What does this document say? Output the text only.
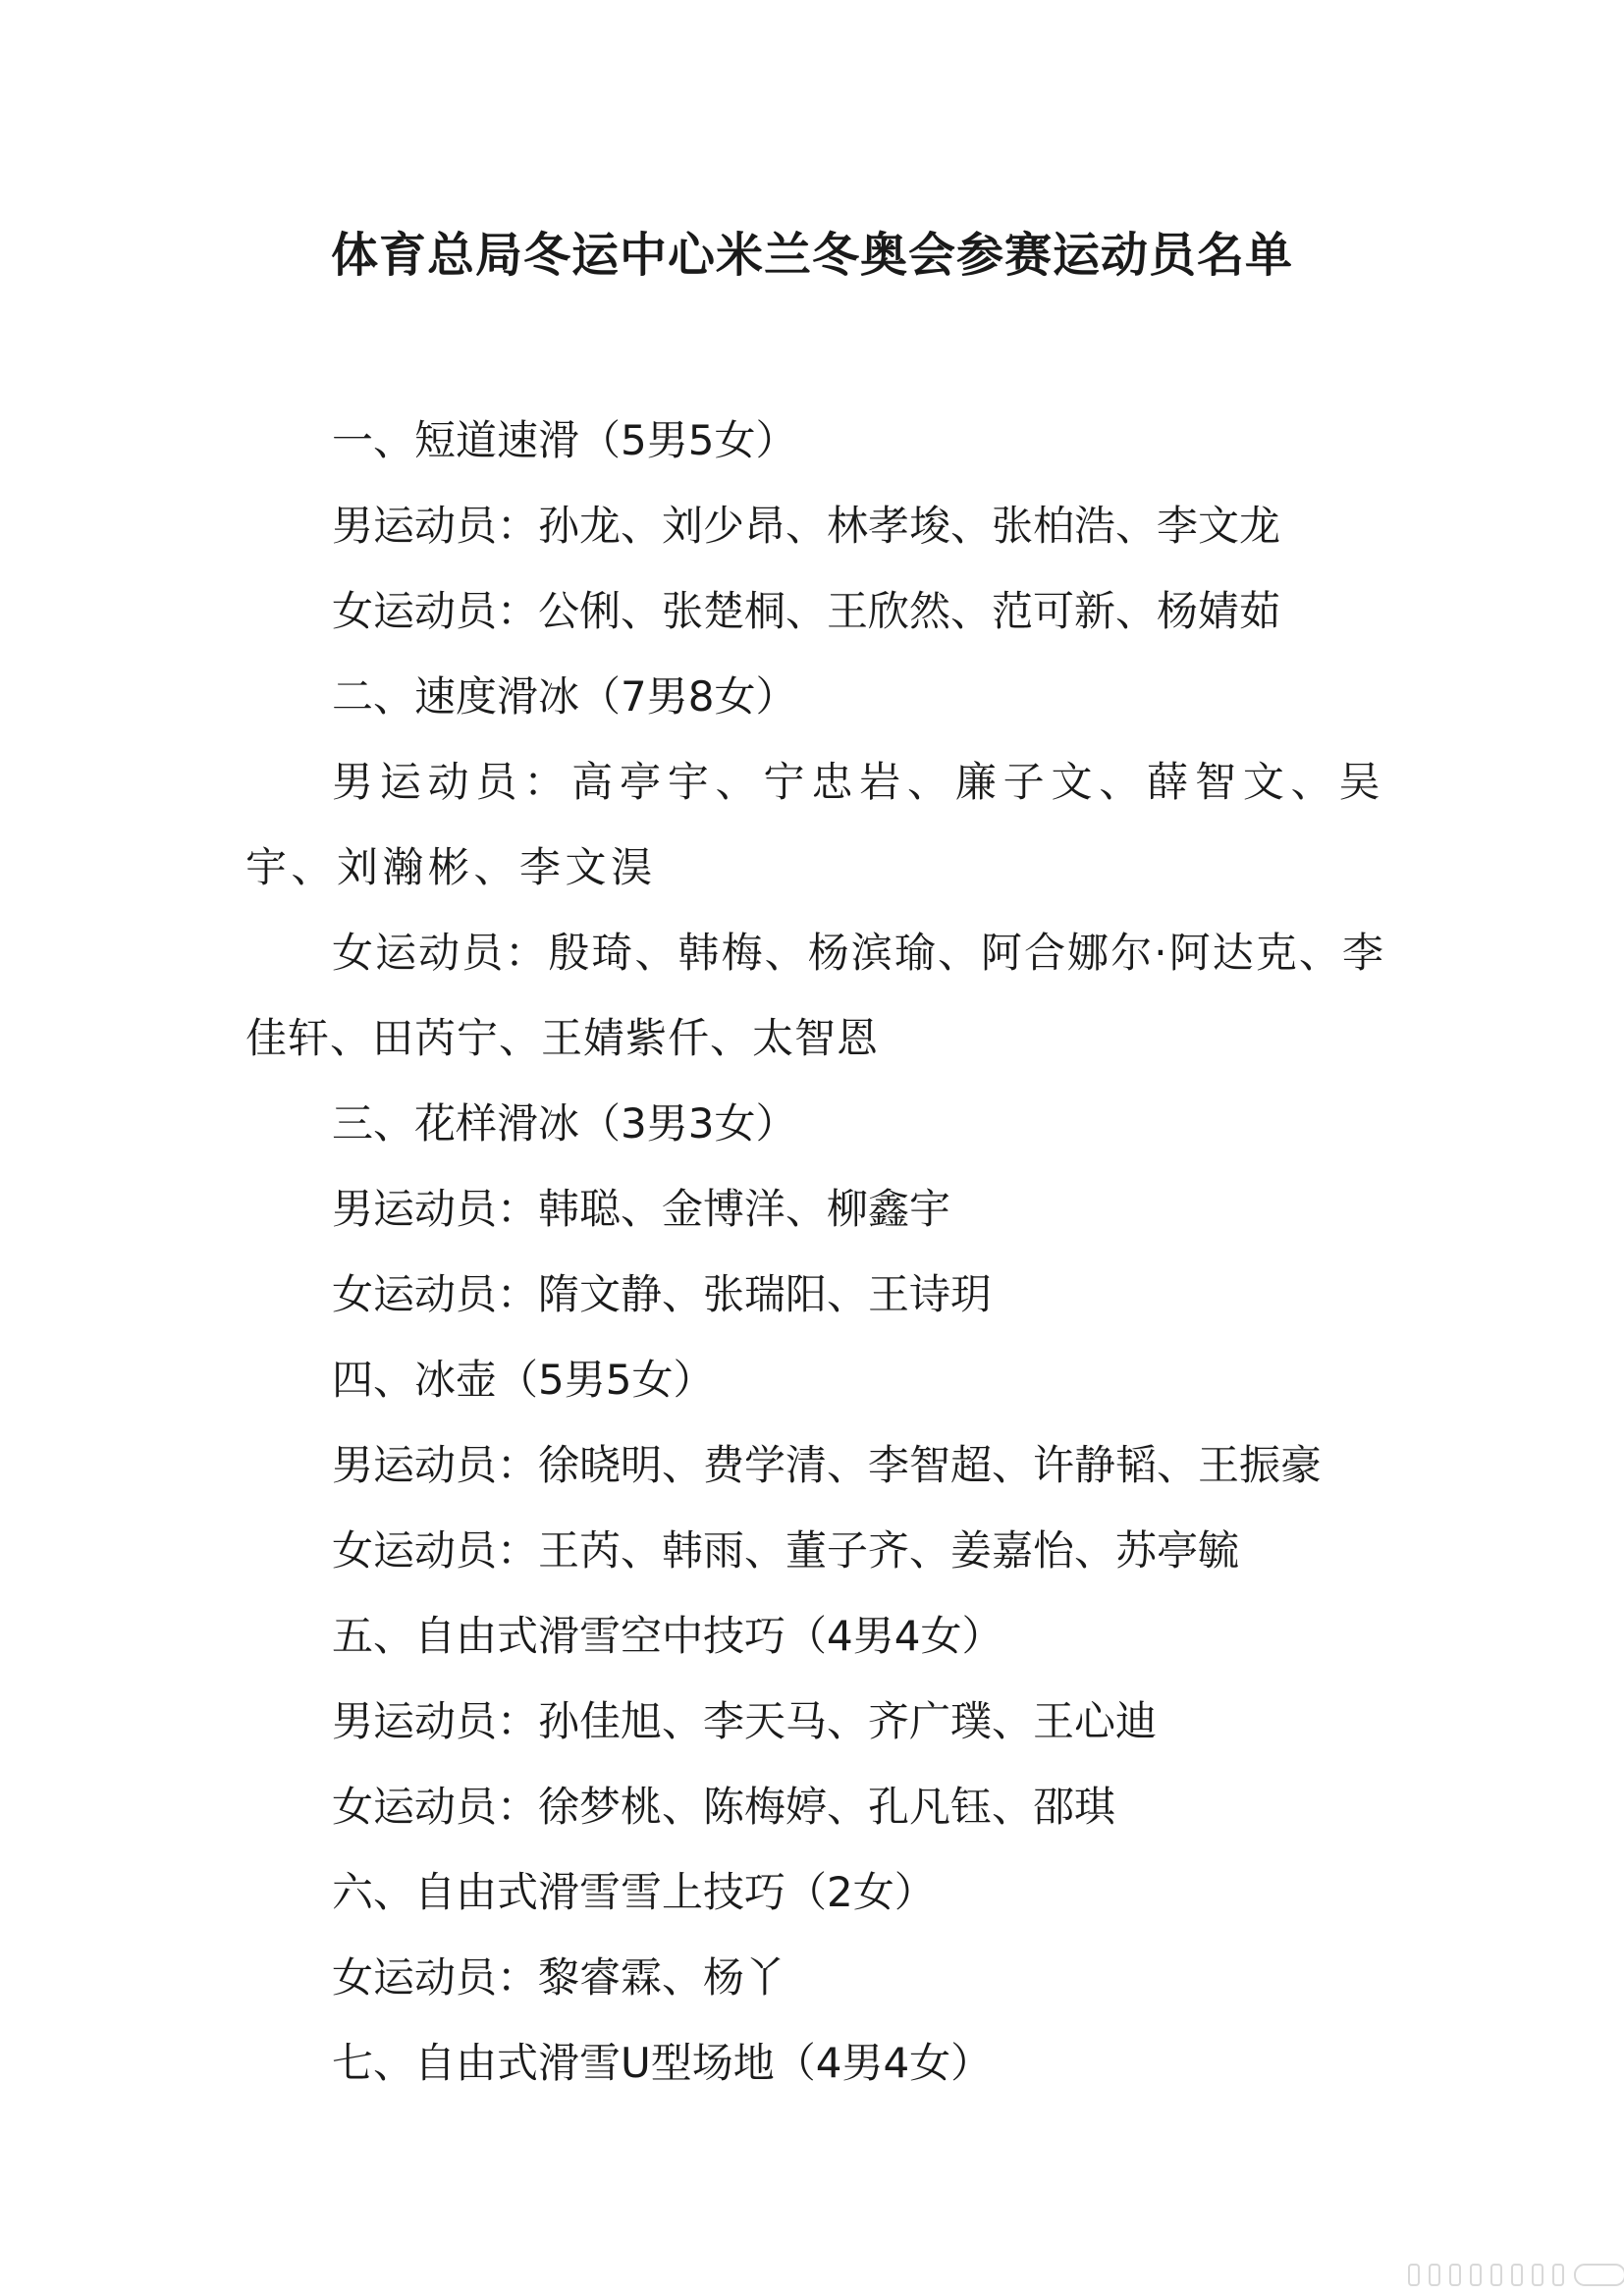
体育总局冬运中心米兰冬奥会参赛运动员名单

一、短道速滑（5男5女）

男运动员：孙龙、刘少昂、林孝埈、张柏浩、李文龙

女运动员：公俐、张楚桐、王欣然、范可新、杨婧茹

二、速度滑冰（7男8女）

男运动员：高亭宇、宁忠岩、廉子文、薛智文、吴宇、刘瀚彬、李文淏

女运动员：殷琦、韩梅、杨滨瑜、阿合娜尔·阿达克、李佳轩、田芮宁、王婧紫仟、太智恩

三、花样滑冰（3男3女）

男运动员：韩聪、金博洋、柳鑫宇

女运动员：隋文静、张瑞阳、王诗玥

四、冰壶（5男5女）

男运动员：徐晓明、费学清、李智超、许静韬、王振豪

女运动员：王芮、韩雨、董子齐、姜嘉怡、苏亭毓

五、自由式滑雪空中技巧（4男4女）

男运动员：孙佳旭、李天马、齐广璞、王心迪

女运动员：徐梦桃、陈梅婷、孔凡钰、邵琪

六、自由式滑雪雪上技巧（2女）

女运动员：黎睿霖、杨丫

七、自由式滑雪U型场地（4男4女）
